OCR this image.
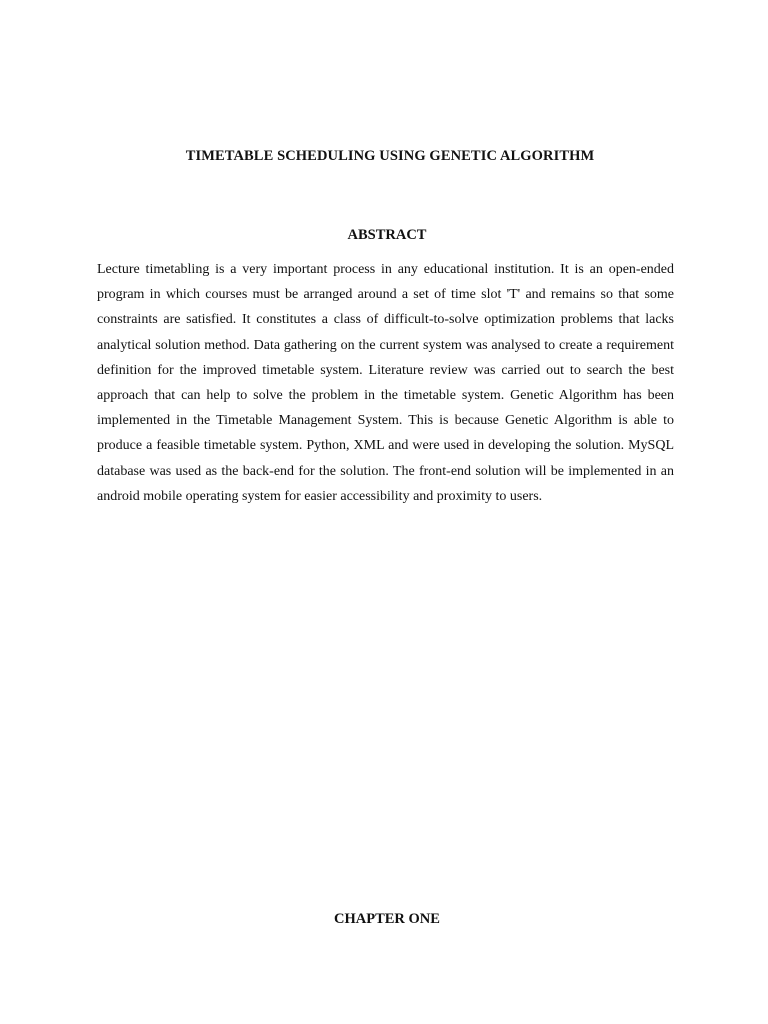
TIMETABLE SCHEDULING USING GENETIC ALGORITHM
ABSTRACT

Lecture timetabling is a very important process in any educational institution. It is an open-ended program in which courses must be arranged around a set of time slot 'T' and remains so that some constraints are satisfied. It constitutes a class of difficult-to-solve optimization problems that lacks analytical solution method. Data gathering on the current system was analysed to create a requirement definition for the improved timetable system. Literature review was carried out to search the best approach that can help to solve the problem in the timetable system. Genetic Algorithm has been implemented in the Timetable Management System. This is because Genetic Algorithm is able to produce a feasible timetable system. Python, XML and were used in developing the solution. MySQL database was used as the back-end for the solution. The front-end solution will be implemented in an android mobile operating system for easier accessibility and proximity to users.

CHAPTER ONE
